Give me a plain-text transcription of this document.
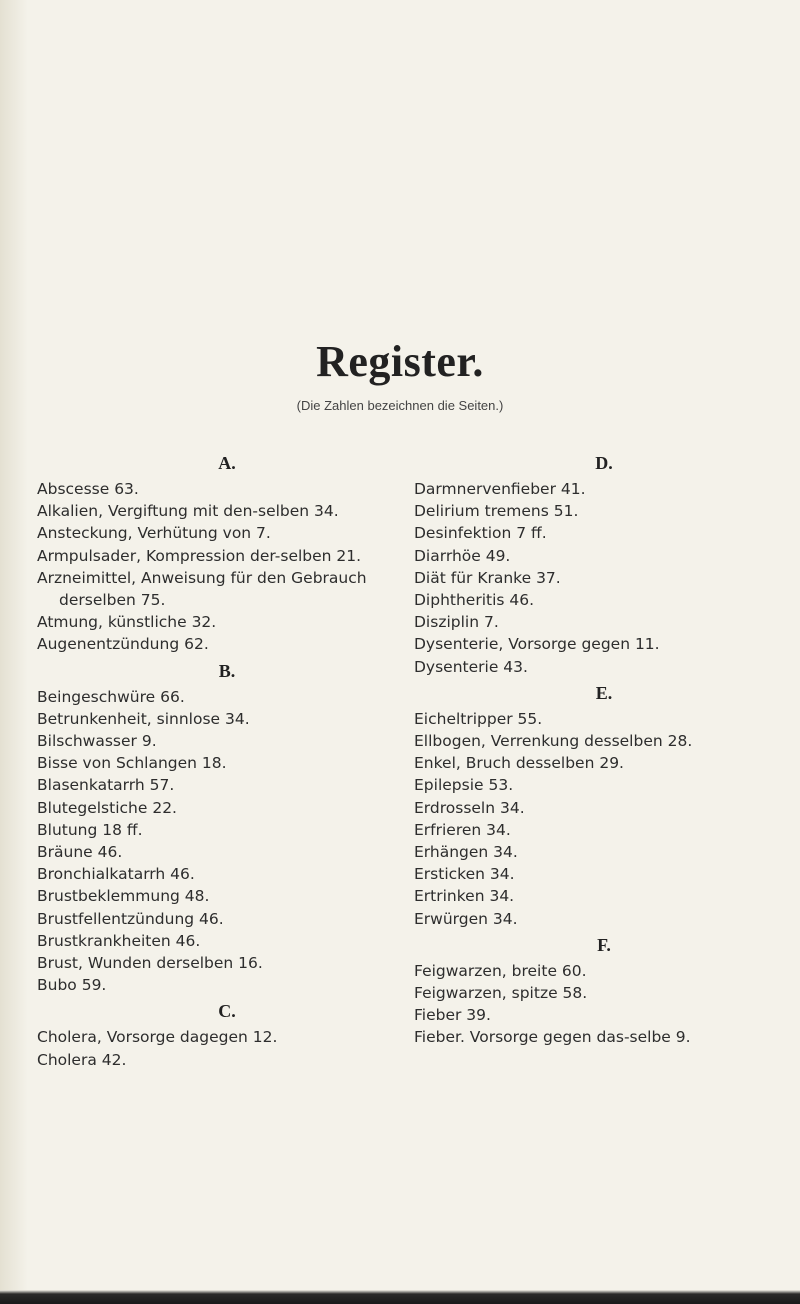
Register.
(Die Zahlen bezeichnen die Seiten.)
A.
Abscesse 63.
Alkalien, Vergiftung mit den-selben 34.
Ansteckung, Verhütung von 7.
Armpulsader, Kompression der-selben 21.
Arzneimittel, Anweisung für den Gebrauch derselben 75.
Atmung, künstliche 32.
Augenentzündung 62.
B.
Beingeschwüre 66.
Betrunkenheit, sinnlose 34.
Bilschwasser 9.
Bisse von Schlangen 18.
Blasenkatarrh 57.
Blutegelstiche 22.
Blutung 18 ff.
Bräune 46.
Bronchialkatarrh 46.
Brustbeklemmung 48.
Brustfellentzündung 46.
Brustkrankheiten 46.
Brust, Wunden derselben 16.
Bubo 59.
C.
Cholera, Vorsorge dagegen 12.
Cholera 42.
D.
Darmnervenfieber 41.
Delirium tremens 51.
Desinfektion 7 ff.
Diarrhöe 49.
Diät für Kranke 37.
Diphtheritis 46.
Disziplin 7.
Dysenterie, Vorsorge gegen 11.
Dysenterie 43.
E.
Eicheltripper 55.
Ellbogen, Verrenkung desselben 28.
Enkel, Bruch desselben 29.
Epilepsie 53.
Erdrosseln 34.
Erfrieren 34.
Erhängen 34.
Ersticken 34.
Ertrinken 34.
Erwürgen 34.
F.
Feigwarzen, breite 60.
Feigwarzen, spitze 58.
Fieber 39.
Fieber. Vorsorge gegen das-selbe 9.
